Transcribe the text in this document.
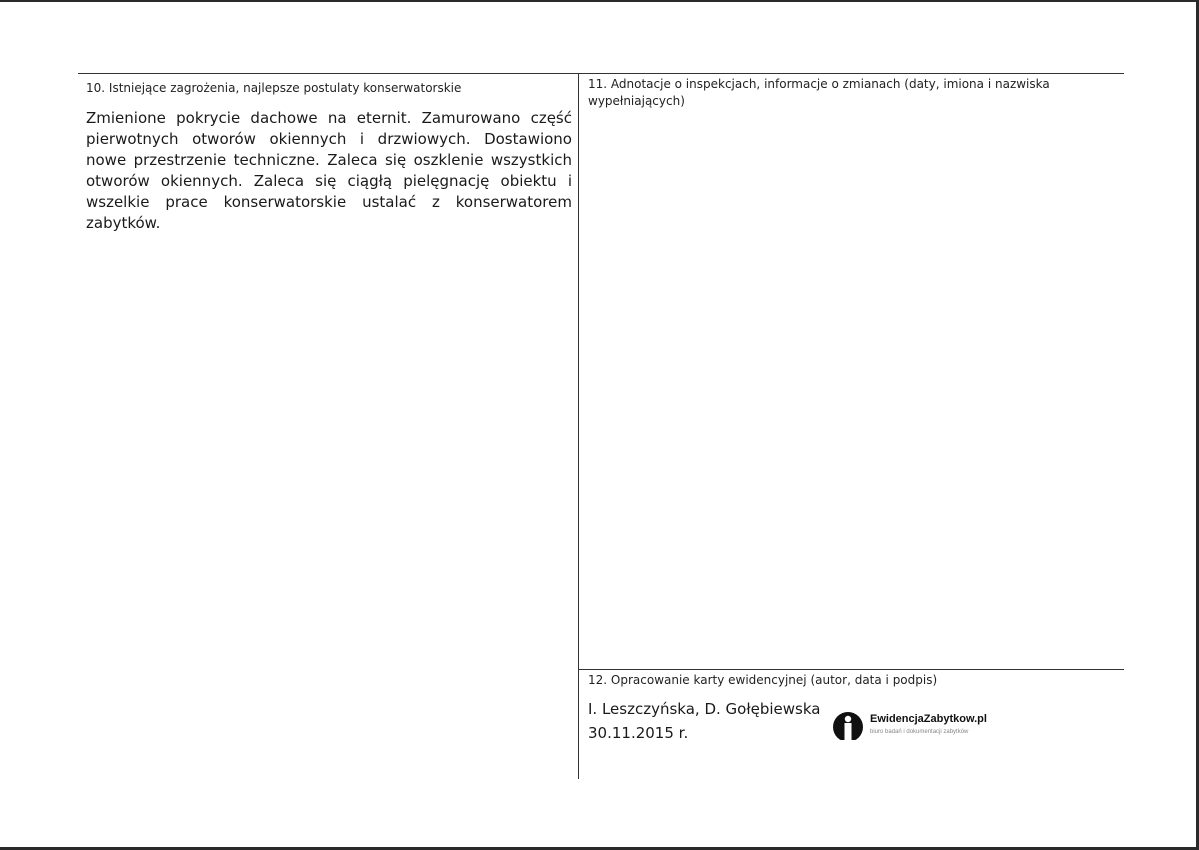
10. Istniejące zagrożenia, najlepsze postulaty konserwatorskie
Zmienione pokrycie dachowe na eternit. Zamurowano część pierwotnych otworów okiennych i drzwiowych. Dostawiono nowe przestrzenie techniczne. Zaleca się oszklenie wszystkich otworów okiennych. Zaleca się ciągłą pielęgnację obiektu i wszelkie prace konserwatorskie ustalać z konserwatorem zabytków.
11. Adnotacje o inspekcjach, informacje o zmianach (daty, imiona i nazwiska wypełniających)
12. Opracowanie karty ewidencyjnej (autor, data i podpis)
I. Leszczyńska, D. Gołębiewska
30.11.2015 r.
EwidencjaZabytkow.pl
biuro badań i dokumentacji zabytków
